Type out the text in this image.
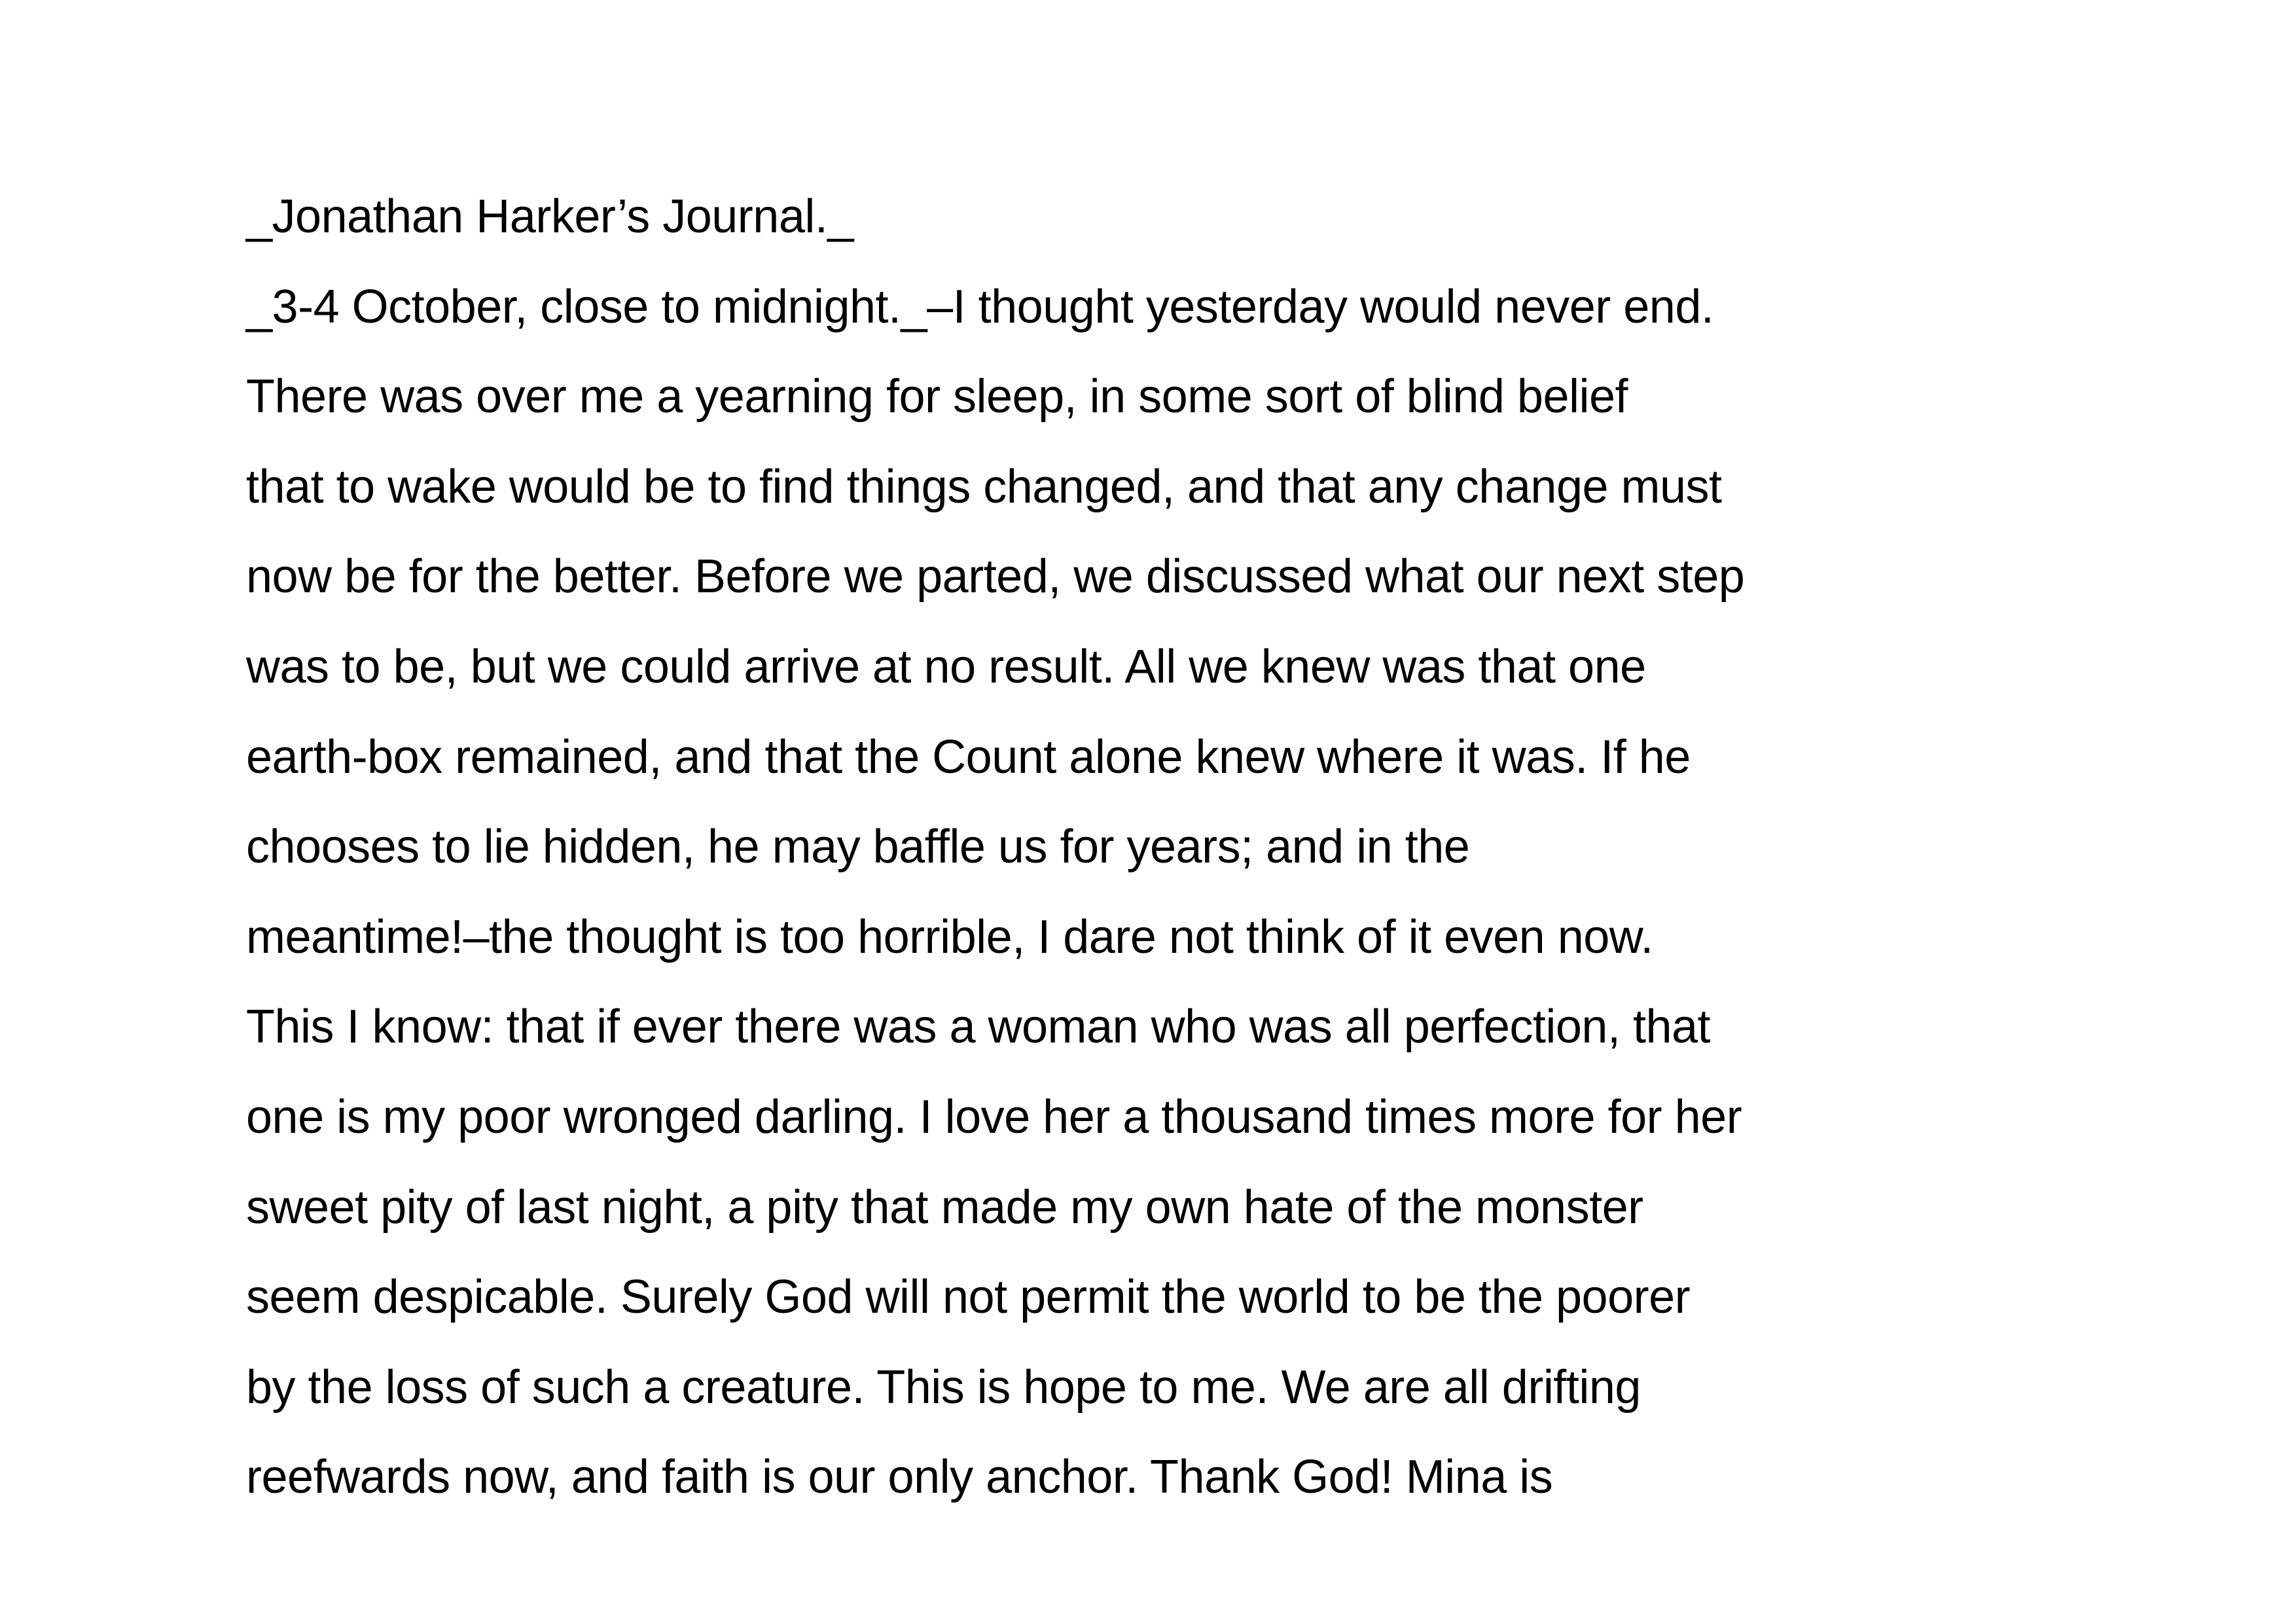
_Jonathan Harker’s Journal._
_3-4 October, close to midnight._–I thought yesterday would never end.
There was over me a yearning for sleep, in some sort of blind belief
that to wake would be to find things changed, and that any change must
now be for the better. Before we parted, we discussed what our next step
was to be, but we could arrive at no result. All we knew was that one
earth-box remained, and that the Count alone knew where it was. If he
chooses to lie hidden, he may baffle us for years; and in the
meantime!–the thought is too horrible, I dare not think of it even now.
This I know: that if ever there was a woman who was all perfection, that
one is my poor wronged darling. I love her a thousand times more for her
sweet pity of last night, a pity that made my own hate of the monster
seem despicable. Surely God will not permit the world to be the poorer
by the loss of such a creature. This is hope to me. We are all drifting
reefwards now, and faith is our only anchor. Thank God! Mina is
